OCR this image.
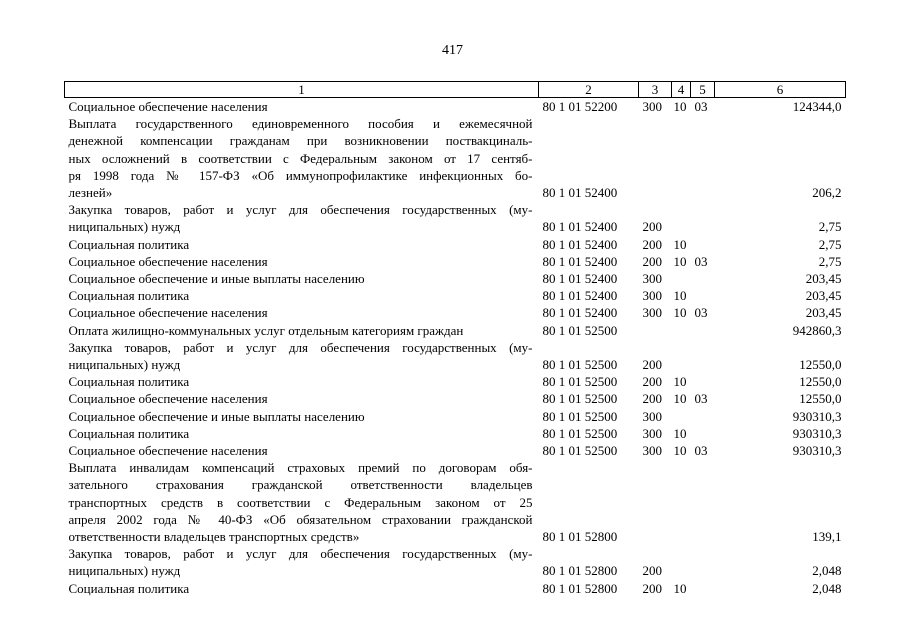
417
1	2	3	4	5	6

Социальное обеспечение населения	80 1 01 52200	300	10	03	124344,0

Выплата государственного единовременного пособия и ежемесячной
денежной компенсации гражданам при возникновении поствакциналь-
ных осложнений в соответствии с Федеральным законом от 17 сентяб-
ря 1998 года № 157-ФЗ «Об иммунопрофилактике инфекционных бо-
лезней»	80 1 01 52400				206,2

Закупка товаров, работ и услуг для обеспечения государственных (му-
ниципальных) нужд	80 1 01 52400	200			2,75

Социальная политика	80 1 01 52400	200	10		2,75

Социальное обеспечение населения	80 1 01 52400	200	10	03	2,75

Социальное обеспечение и иные выплаты населению	80 1 01 52400	300			203,45

Социальная политика	80 1 01 52400	300	10		203,45

Социальное обеспечение населения	80 1 01 52400	300	10	03	203,45

Оплата жилищно-коммунальных услуг отдельным категориям граждан	80 1 01 52500				942860,3

Закупка товаров, работ и услуг для обеспечения государственных (му-
ниципальных) нужд	80 1 01 52500	200			12550,0

Социальная политика	80 1 01 52500	200	10		12550,0

Социальное обеспечение населения	80 1 01 52500	200	10	03	12550,0

Социальное обеспечение и иные выплаты населению	80 1 01 52500	300			930310,3

Социальная политика	80 1 01 52500	300	10		930310,3

Социальное обеспечение населения	80 1 01 52500	300	10	03	930310,3

Выплата инвалидам компенсаций страховых премий по договорам обя-
зательного страхования гражданской ответственности владельцев
транспортных средств в соответствии с Федеральным законом от 25
апреля 2002 года № 40-ФЗ «Об обязательном страховании гражданской
ответственности владельцев транспортных средств»	80 1 01 52800				139,1

Закупка товаров, работ и услуг для обеспечения государственных (му-
ниципальных) нужд	80 1 01 52800	200			2,048

Социальная политика	80 1 01 52800	200	10		2,048
